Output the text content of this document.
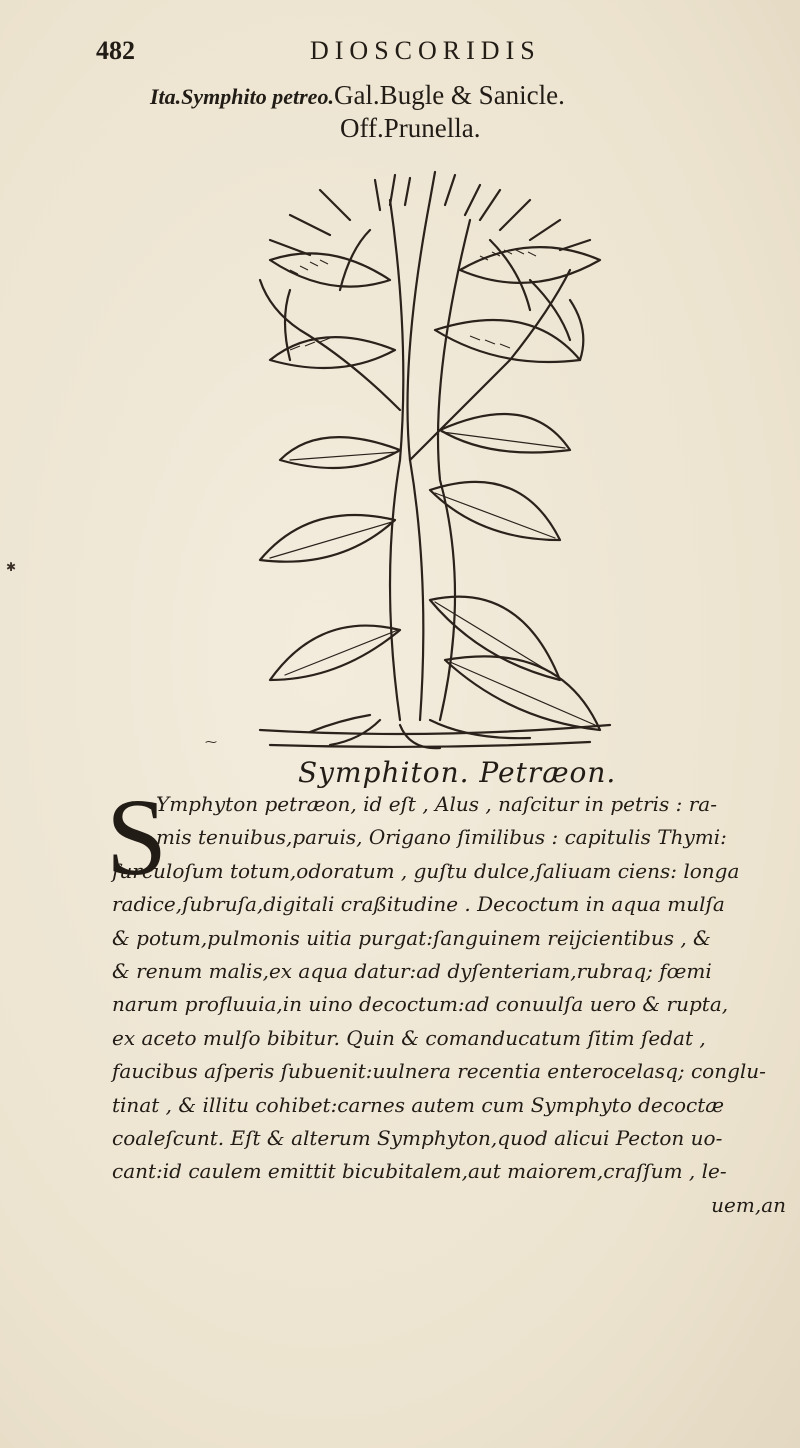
482	DIOSCORIDIS
Ita.Symphito petreo.Gal.Bugle & Sanicle.
Off.Prunella.
Symphiton. Petræon.
S
Ymphyton petræon, id eſt , Alus , naſcitur in petris : ra-
mis tenuibus,paruis, Origano ſimilibus : capitulis Thymi:
ſurculoſum totum,odoratum , guſtu dulce,ſaliuam ciens: longa
radice,ſubruſa,digitali craßitudine . Decoctum in aqua mulſa
& potum,pulmonis uitia purgat:ſanguinem reijcientibus , &
& renum malis,ex aqua datur:ad dyſenteriam,rubraq; fœmi
narum profluuia,in uino decoctum:ad conuulſa uero & rupta,
ex aceto mulſo bibitur. Quin & comanducatum ſitim ſedat ,
faucibus aſperis ſubuenit:uulnera recentia enterocelasq; conglu-
tinat , & illitu cohibet:carnes autem cum Symphyto decoctæ
coaleſcunt. Eſt & alterum Symphyton,quod alicui Pecton uo-
cant:id caulem emittit bicubitalem,aut maiorem,craſſum , le-
uem,an
✱
⁓
